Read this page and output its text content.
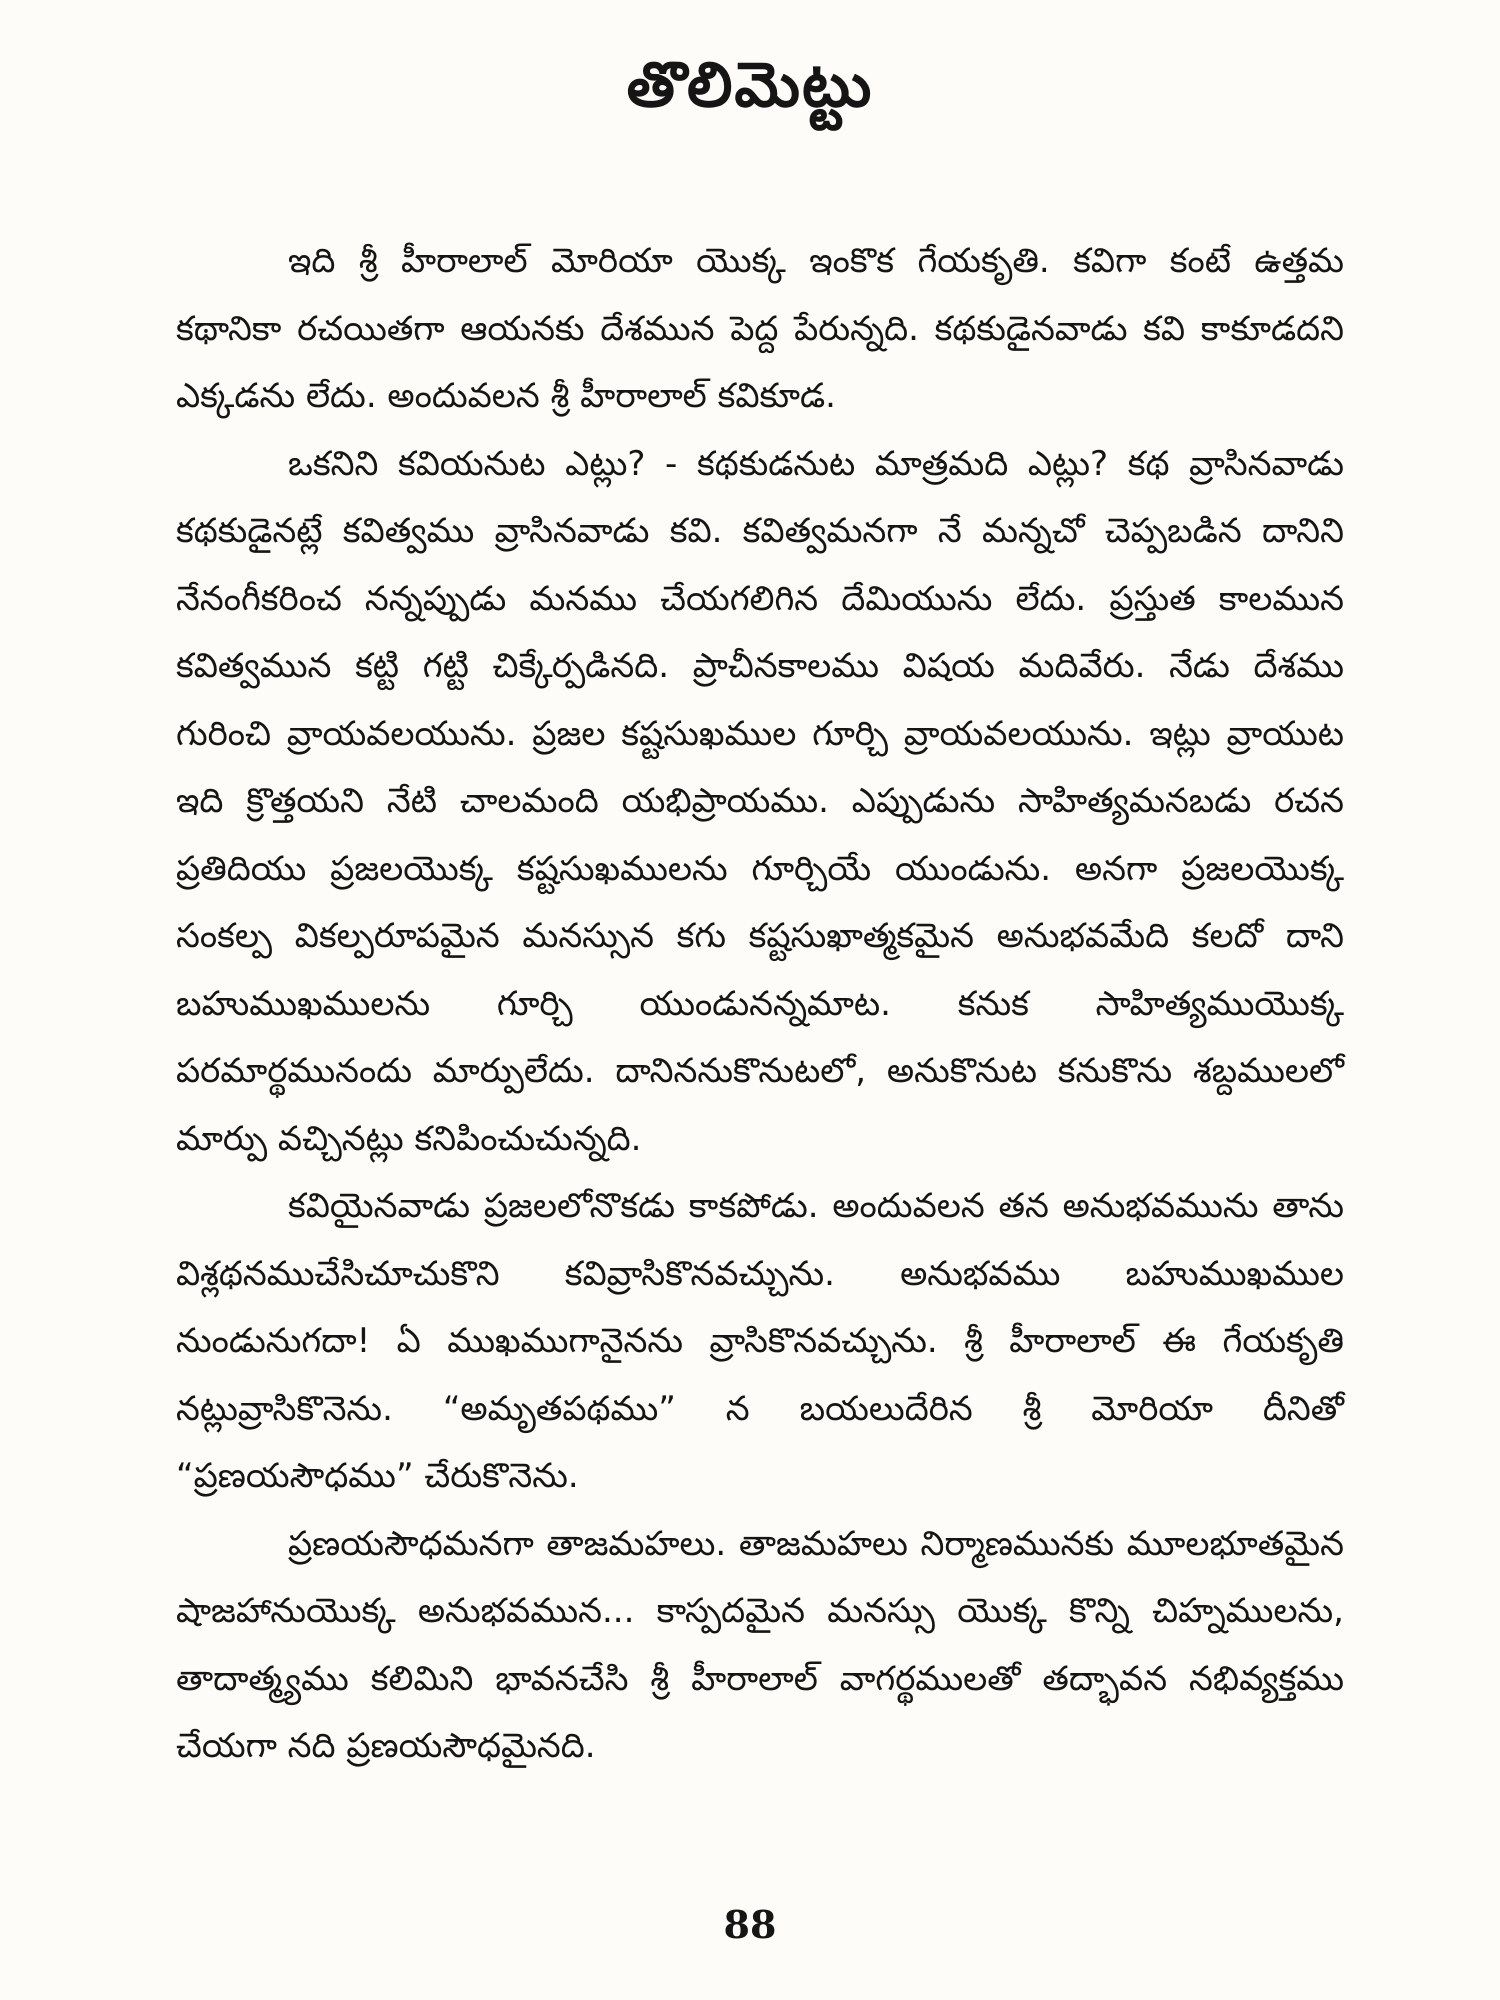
తొలిమెట్టు

ఇది శ్రీ హీరాలాల్ మోరియా యొక్క ఇంకొక గేయకృతి. కవిగా కంటే ఉత్తమ కథానికా రచయితగా ఆయనకు దేశమున పెద్ద పేరున్నది. కథకుడైనవాడు కవి కాకూడదని ఎక్కడను లేదు. అందువలన శ్రీ హీరాలాల్ కవికూడ.

ఒకనిని కవియనుట ఎట్లు? - కథకుడనుట మాత్రమది ఎట్లు? కథ వ్రాసినవాడు కథకుడైనట్లే కవిత్వము వ్రాసినవాడు కవి. కవిత్వమనగా నే మన్నచో చెప్పబడిన దానిని నేనంగీకరించ నన్నప్పుడు మనము చేయగలిగిన దేమియును లేదు. ప్రస్తుత కాలమున కవిత్వమున కట్టి గట్టి చిక్కేర్పడినది. ప్రాచీనకాలము విషయ మదివేరు. నేడు దేశము గురించి వ్రాయవలయును. ప్రజల కష్టసుఖముల గూర్చి వ్రాయవలయును. ఇట్లు వ్రాయుట ఇది క్రొత్తయని నేటి చాలమంది యభిప్రాయము. ఎప్పుడును సాహిత్యమనబడు రచన ప్రతిదియు ప్రజలయొక్క కష్టసుఖములను గూర్చియే యుండును. అనగా ప్రజలయొక్క సంకల్ప వికల్పరూపమైన మనస్సున కగు కష్టసుఖాత్మకమైన అనుభవమేది కలదో దాని బహుముఖములను గూర్చి యుండునన్నమాట. కనుక సాహిత్యముయొక్క పరమార్థమునందు మార్పులేదు. దానిననుకొనుటలో, అనుకొనుట కనుకొను శబ్దములలో మార్పు వచ్చినట్లు కనిపించుచున్నది.

కవియైనవాడు ప్రజలలోనొకడు కాకపోడు. అందువలన తన అనుభవమును తాను విశ్లథనముచేసిచూచుకొని కవివ్రాసికొనవచ్చును. అనుభవము బహుముఖముల నుండునుగదా! ఏ ముఖముగానైనను వ్రాసికొనవచ్చును. శ్రీ హీరాలాల్ ఈ గేయకృతి నట్లువ్రాసికొనెను. “అమృతపథము” న బయలుదేరిన శ్రీ మోరియా దీనితో “ప్రణయసౌధము” చేరుకొనెను.

ప్రణయసౌధమనగా తాజమహలు. తాజమహలు నిర్మాణమునకు మూలభూతమైన షాజహానుయొక్క అనుభవమున... కాస్పదమైన మనస్సు యొక్క కొన్ని చిహ్నములను, తాదాత్మ్యము కలిమిని భావనచేసి శ్రీ హీరాలాల్ వాగర్థములతో తద్భావన నభివ్యక్తము చేయగా నది ప్రణయసౌధమైనది.

88
